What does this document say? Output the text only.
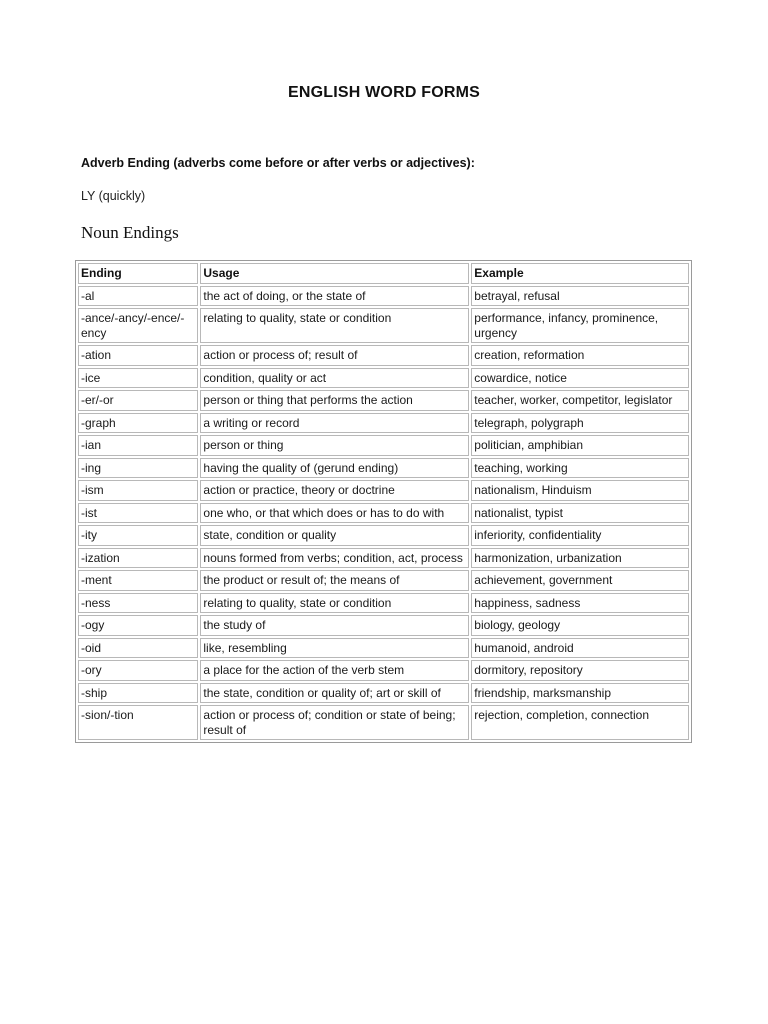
ENGLISH WORD FORMS
Adverb Ending (adverbs come before or after verbs or adjectives):
LY (quickly)
Noun Endings
Ending	Usage	Example
-al	the act of doing, or the state of	betrayal, refusal
-ance/-ancy/-ence/-ency	relating to quality, state or condition	performance, infancy, prominence, urgency
-ation	action or process of; result of	creation, reformation
-ice	condition, quality or act	cowardice, notice
-er/-or	person or thing that performs the action	teacher, worker, competitor, legislator
-graph	a writing or record	telegraph, polygraph
-ian	person or thing	politician, amphibian
-ing	having the quality of (gerund ending)	teaching, working
-ism	action or practice, theory or doctrine	nationalism, Hinduism
-ist	one who, or that which does or has to do with	nationalist, typist
-ity	state, condition or quality	inferiority, confidentiality
-ization	nouns formed from verbs; condition, act, process	harmonization, urbanization
-ment	the product or result of; the means of	achievement, government
-ness	relating to quality, state or condition	happiness, sadness
-ogy	the study of	biology, geology
-oid	like, resembling	humanoid, android
-ory	a place for the action of the verb stem	dormitory, repository
-ship	the state, condition or quality of; art or skill of	friendship, marksmanship
-sion/-tion	action or process of; condition or state of being; result of	rejection, completion, connection
